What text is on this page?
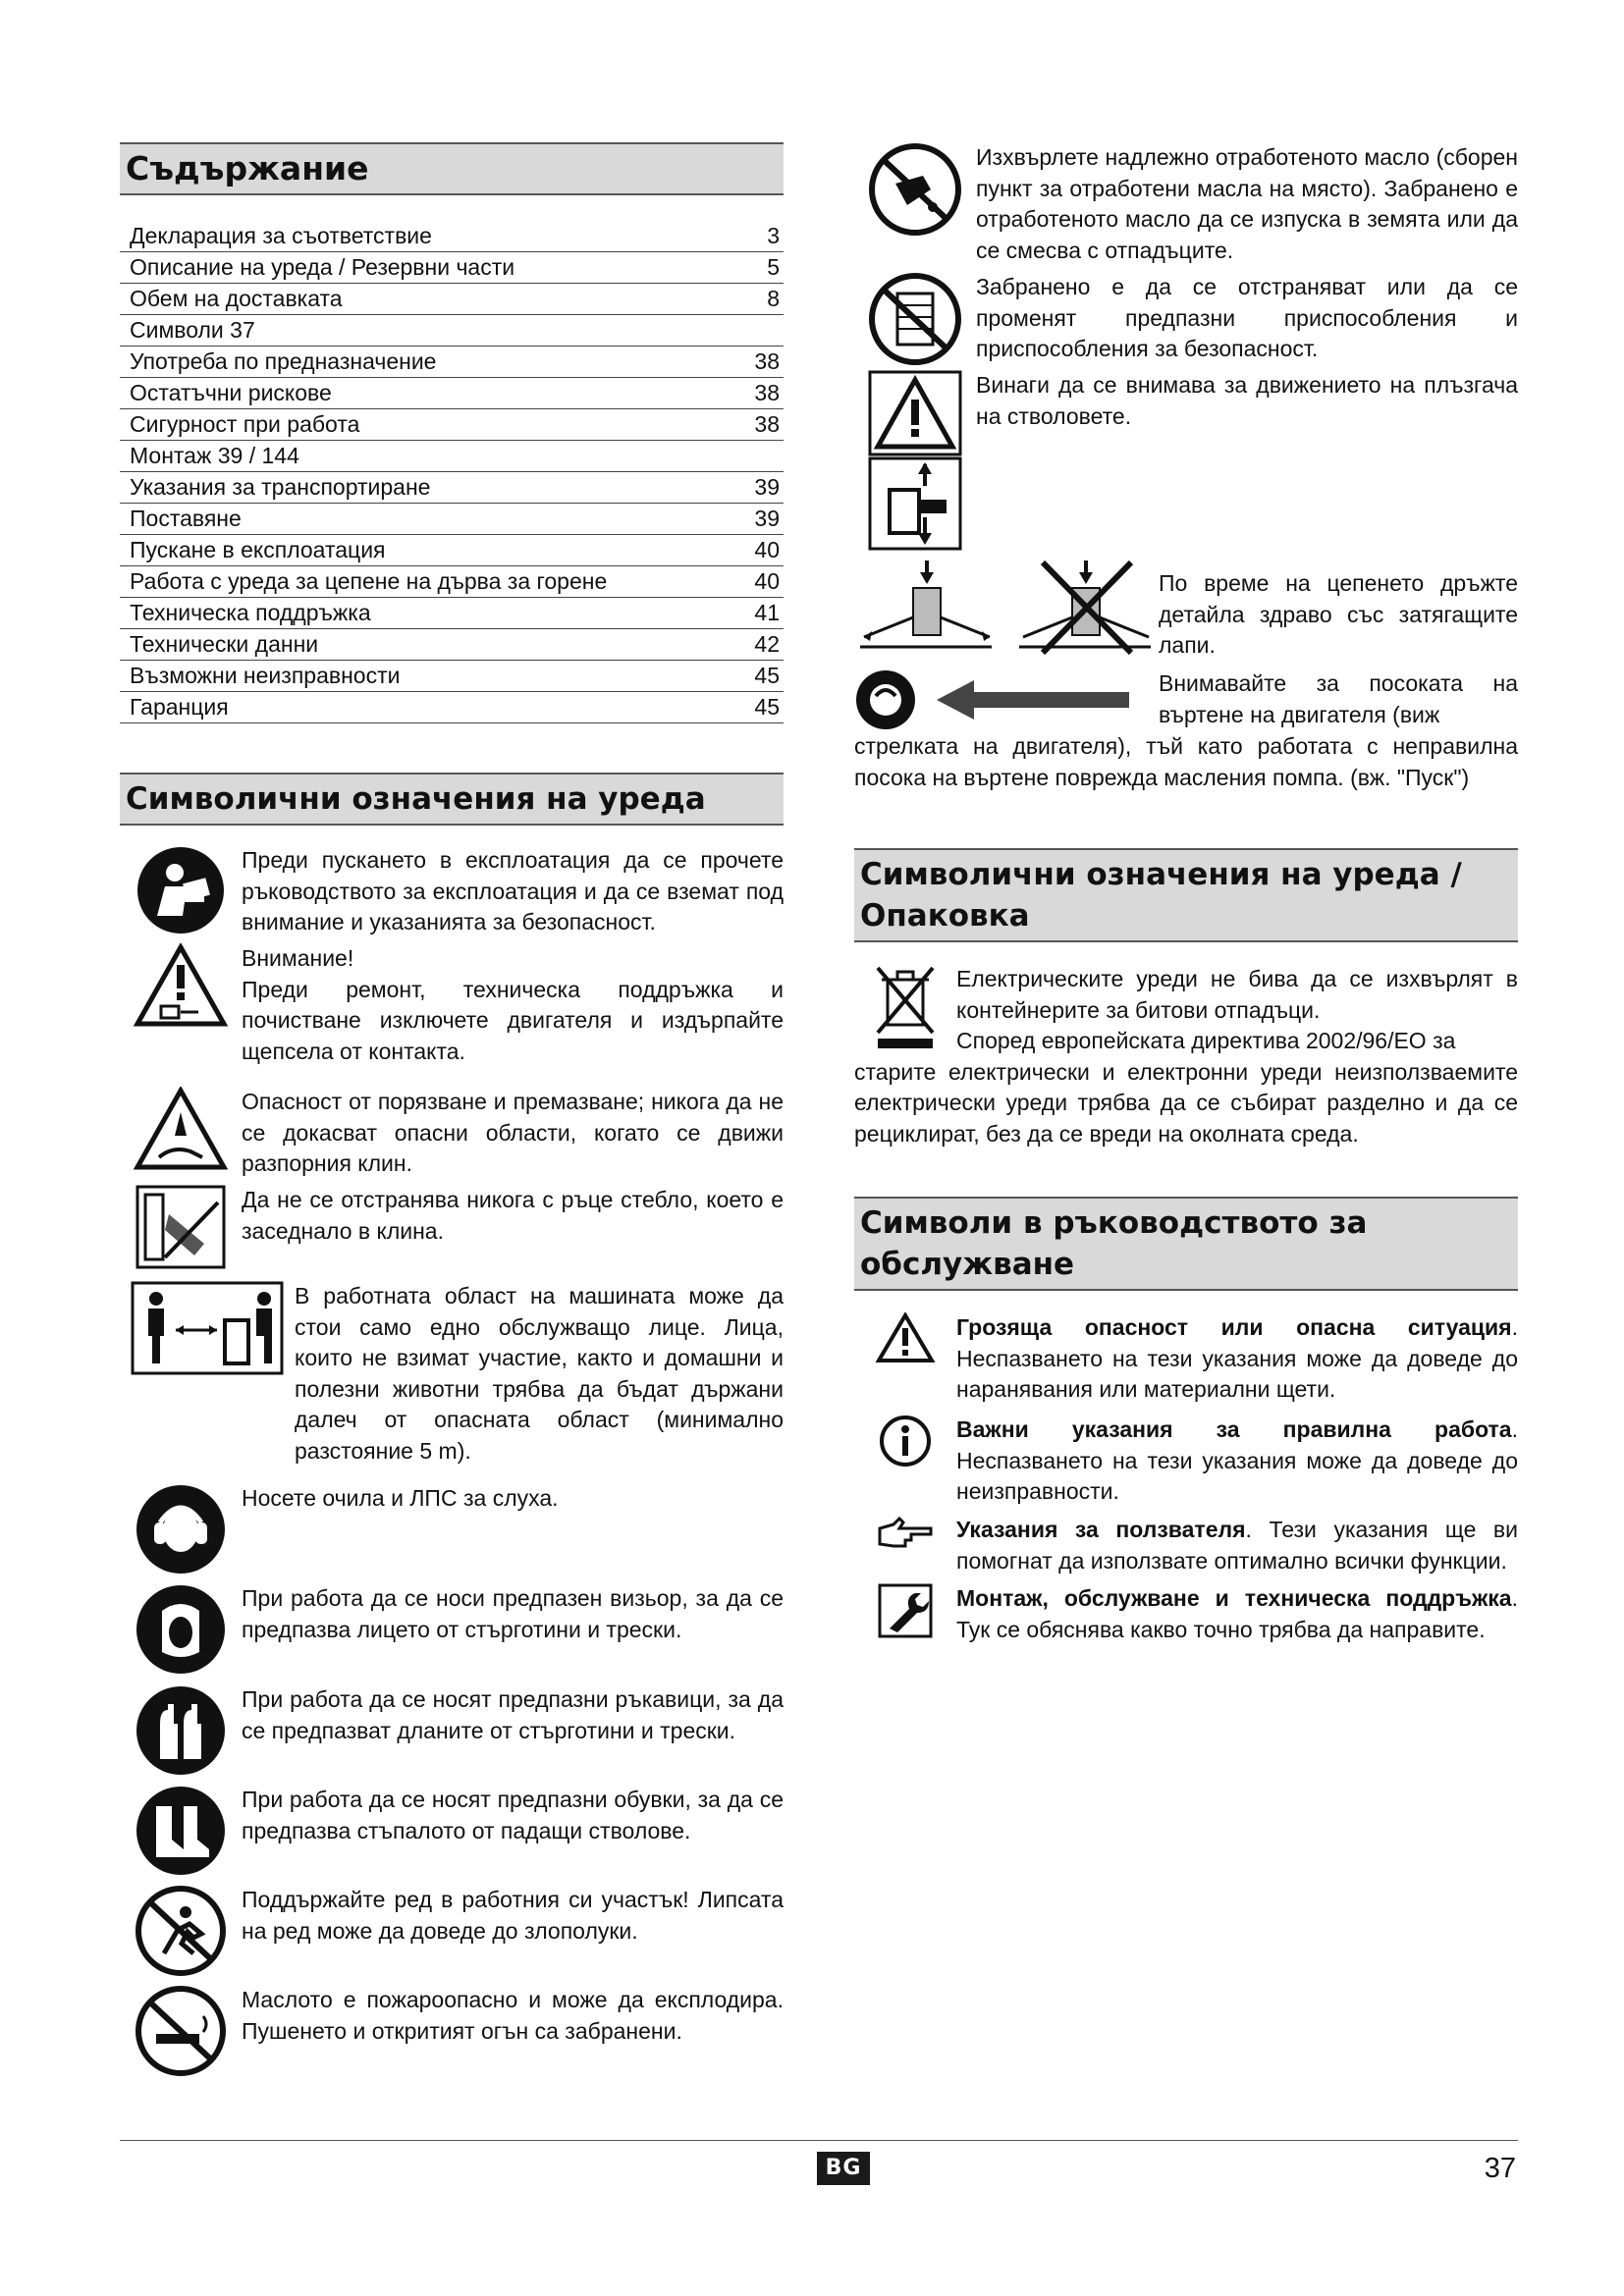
Съдържание
Декларация за съответствие	3
Описание на уреда / Резервни части	5
Обем на доставката	8
Символи 37
Употреба по предназначение	38
Остатъчни рискове	38
Сигурност при работа	38
Монтаж 39 / 144
Указания за транспортиране	39
Поставяне	39
Пускане в експлоатация	40
Работа с уреда за цепене на дърва за горене	40
Техническа поддръжка	41
Технически данни	42
Възможни неизправности	45
Гаранция	45
Символични означения на уреда

Преди пускането в експлоатация да се прочете ръководството за експлоатация и да се вземат под внимание и указанията за безопасност.

Внимание!

Преди ремонт, техническа поддръжка и почистване изключете двигателя и издърпайте щепсела от контакта.

Опасност от порязване и премазване; никога да не се докасват опасни области, когато се движи разпорния клин.

Да не се отстранява никога с ръце стебло, което е заседнало в клина.

В работната област на машината може да стои само едно обслужващо лице. Лица, които не взимат участие, както и домашни и полезни животни трябва да бъдат държани далеч от опасната област (минимално разстояние 5 m).

Носете очила и ЛПС за слуха.

При работа да се носи предпазен визьор, за да се предпазва лицето от стърготини и трески.

При работа да се носят предпазни ръкавици, за да се предпазват дланите от стърготини и трески.

При работа да се носят предпазни обувки, за да се предпазва стъпалото от падащи стволове.

Поддържайте ред в работния си участък! Липсата на ред може да доведе до злополуки.

Маслото е пожароопасно и може да експлодира. Пушенето и откритият огън са забранени.

Изхвърлете надлежно отработеното масло (сборен пункт за отработени масла на място). Забранено е отработеното масло да се изпуска в земята или да се смесва с отпадъците.

Забранено е да се отстраняват или да се променят предпазни приспособления и приспособления за безопасност.

Винаги да се внимава за движението на плъзгача на стволовете.

По време на цепенето дръжте детайла здраво със затягащите лапи.

Внимавайте за посоката на въртене на двигателя (виж

стрелката на двигателя), тъй като работата с неправилна посока на въртене поврежда масления помпа. (вж. "Пуск")

Символични означения на уреда / Опаковка

Електрическите уреди не бива да се изхвърлят в контейнерите за битови отпадъци.

Според европейската директива 2002/96/ЕО за

старите електрически и електронни уреди неизползваемите електрически уреди трябва да се събират разделно и да се рециклират, без да се вреди на околната среда.

Символи в ръководството за обслужване

Грозяща опасност или опасна ситуация. Неспазването на тези указания може да доведе до наранявания или материални щети.

Важни указания за правилна работа. Неспазването на тези указания може да доведе до неизправности.

Указания за ползвателя. Тези указания ще ви помогнат да използвате оптимално всички функции.

Монтаж, обслужване и техническа поддръжка. Тук се обяснява какво точно трябва да направите.

BG	37
